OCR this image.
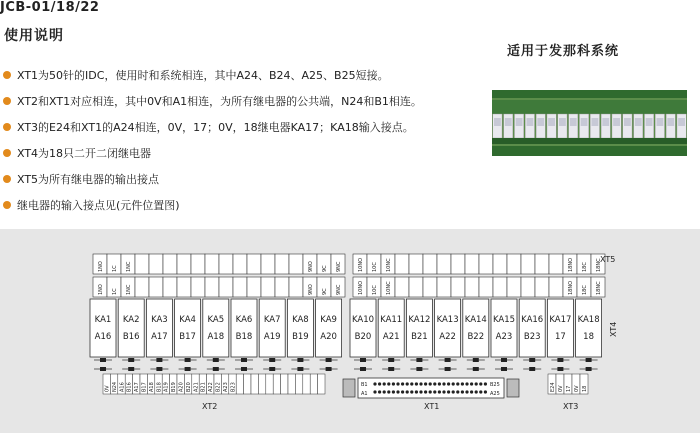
JCB-01/18/22
使用说明
XT1为50针的IDC，使用时和系统相连，其中A24、B24、A25、B25短接。
XT2和XT1对应相连，其中0V和A1相连，为所有继电器的公共端，N24和B1相连。
XT3的E24和XT1的A24相连，0V，17；0V，18继电器KA17；KA18输入接点。
XT4为18只二开二闭继电器
XT5为所有继电器的输出接点
继电器的输入接点见(元件位置图)
适用于发那科系统
1NO 1C 1NC	9NO 9C 9NC
1NO 1C 1NC	9NO 9C 9NC
10NO 10C 10NC	18NO 18C 18NC
10NO 10C 10NC	18NO 18C 18NC
XT5
KA1
A16
KA2
B16
KA3
A17
KA4
B17
KA5
A18
KA6
B18
KA7
A19
KA8
B19
KA9
A20
KA10
B20
KA11
A21
KA12
B21
KA13
A22
KA14
B22
KA15
A23
KA16
B23
KA17
17
KA18
18 XT4
0V N24 A16 B16 A17 B17 A18 B18 A19 B19 A20 B20 A21 B21 A22 B22 A23 B23
XT2
B1
A1
B25
A25
XT1
E24 0V 17 0V 18
XT3
